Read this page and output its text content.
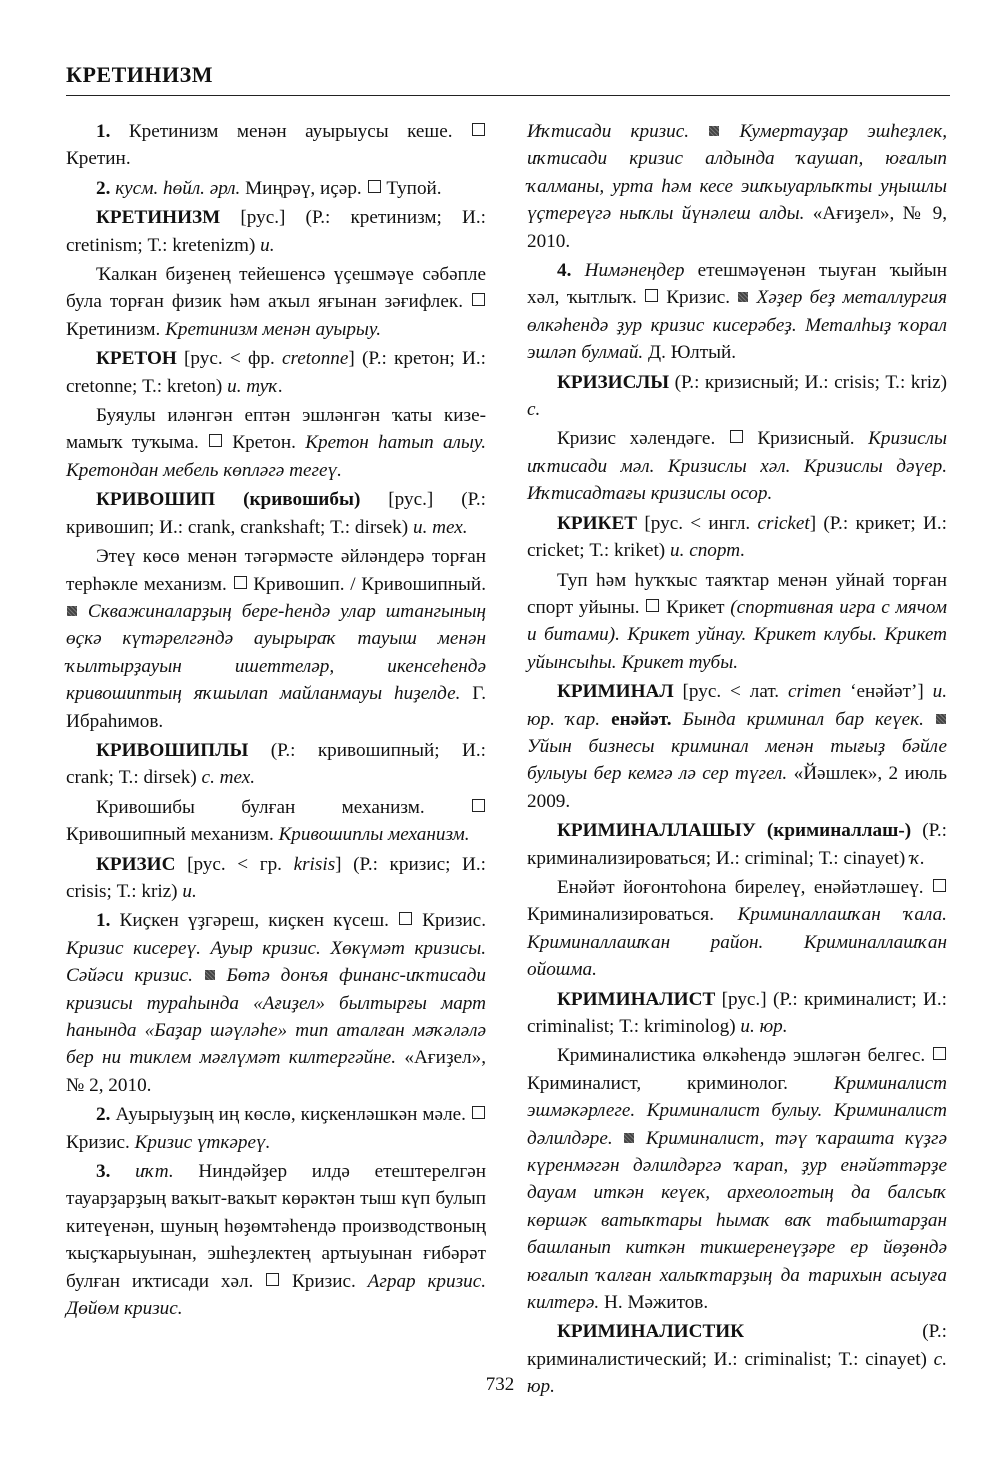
КРЕТИНИЗМ

1. Кретинизм менән ауырыусы кеше.  Кретин.

2. кусм. һөйл. әрл. Миңрәү, иҫәр.  Тупой.

КРЕТИНИЗМ [рус.] (Р.: кретинизм; И.: cretinism; Т.: kretenizm) и.

Ҡалкан биҙенең тейешенсә үҫешмәүе сәбәпле була торған физик һәм аҡыл яғынан зәғифлек.  Кретинизм. Кретинизм менән ауырыу.

КРЕТОН [рус. < фр. cretonne] (Р.: кретон; И.: cretonne; Т.: kreton) и. туҡ.

Буяулы иләнгән ептән эшләнгән ҡаты кизе-мамыҡ туҡыма.  Кретон. Кретон һатып алыу. Кретондан мебель көпләгә тегеү.

КРИВОШИП (кривошибы) [рус.] (Р.: кривошип; И.: crank, crankshaft; Т.: dirsek) и. тех.

Этеү көсө менән тәгәрмәсте әйләндерә торған терһәкле механизм.  Кривошип. / Кривошипный.  Скважиналарҙың бере-һендә улар штангының өҫкә күтәрелгәндә ауырыраҡ тауыш менән ҡылтырҙауын ишеттеләр, икенсеһендә кривошиптың яҡшылап майланмауы һиҙелде. Г. Ибраһимов.

КРИВОШИПЛЫ (Р.: кривошипный; И.: crank; Т.: dirsek) с. тех.

Кривошибы булған механизм.  Кривошипный механизм. Кривошиплы механизм.

КРИЗИС [рус. < гр. krisis] (Р.: кризис; И.: crisis; Т.: kriz) и.

1. Киҫкен үҙгәреш, киҫкен күсеш.  Кризис. Кризис кисереү. Ауыр кризис. Хөкүмәт кризисы. Сәйәси кризис.  Бөтә донъя финанс-иҡтисади кризисы тураһында «Ағиҙел» былтырғы март һанында «Баҙар шәүләһе» тип аталған мәҡәләлә бер ни тиклем мәғлүмәт килтергәйне. «Ағиҙел», № 2, 2010.

2. Ауырыуҙың иң көслө, киҫкенләшкән мәле.  Кризис. Кризис үткәреү.

3. иҡт. Ниндәйҙер илдә етештерелгән тауарҙарҙың ваҡыт-ваҡыт көрәктән тыш күп булып китеүенән, шуның һөҙөмтәһендә производствоның ҡыҫҡарыуынан, эшһеҙлектең артыуынан ғибәрәт булған иҡтисади хәл.  Кризис. Аграр кризис. Дөйөм кризис.

Иҡтисади кризис.  Кумертауҙар эшһеҙлек, иҡтисади кризис алдында ҡаушап, юғалып ҡалманы, урта һәм кесе эшҡыуарлыҡты уңышлы үҫтереүгә ныҡлы йүнәлеш алды. «Ағиҙел», № 9, 2010.

4. Нимәнеңдер етешмәүенән тыуған ҡыйын хәл, ҡытлыҡ.  Кризис.  Хәҙер беҙ металлургия өлкәһендә ҙур кризис кисерәбеҙ. Металһыҙ ҡорал эшләп булмай. Д. Юлтый.

КРИЗИСЛЫ (Р.: кризисный; И.: crisis; Т.: kriz) с.

Кризис хәлендәге.  Кризисный. Кризислы иҡтисади мәл. Кризислы хәл. Кризислы дәүер. Иҡтисадтағы кризислы осор.

КРИКЕТ [рус. < ингл. cricket] (Р.: крикет; И.: cricket; Т.: kriket) и. спорт.

Туп һәм һуҡҡыс таяҡтар менән уйнай торған спорт уйыны.  Крикет (спортивная игра с мячом и битами). Крикет уйнау. Крикет клубы. Крикет уйынсыһы. Крикет тубы.

КРИМИНАЛ [рус. < лат. crimen ‘енәйәт’] и. юр. ҡар. енәйәт. Бында криминал бар кеүек.  Уйын бизнесы криминал менән тығыҙ бәйле булыуы бер кемгә лә сер түгел. «Йәшлек», 2 июль 2009.

КРИМИНАЛЛАШЫУ (криминаллаш-) (Р.: криминализироваться; И.: criminal; Т.: cinayet) ҡ.

Енәйәт йоғонтоһона бирелеү, енәйәтләшеү.  Криминализироваться. Криминаллашҡан ҡала. Криминаллашҡан район. Криминаллашҡан ойошма.

КРИМИНАЛИСТ [рус.] (Р.: криминалист; И.: criminalist; Т.: kriminolog) и. юр.

Криминалистика өлкәһендә эшләгән белгес.  Криминалист, криминолог. Криминалист эшмәкәрлеге. Криминалист булыу. Криминалист дәлилдәре.  Криминалист, тәү ҡараштa күҙгә күренмәгән дәлилдәргә ҡарап, ҙур енәйәттәрҙе дауам иткән кеүек, археологтың да балсыҡ көршәк ватыҡтары һымаҡ ваҡ табыштарҙан башланып киткән тикшеренеүҙәре ер йөҙөндә юғалып ҡалған халыҡтарҙың да тарихын асыуға килтерә. Н. Мәжитов.

КРИМИНАЛИСТИК (Р.: криминалистический; И.: criminalist; Т.: cinayet) с. юр.

732
